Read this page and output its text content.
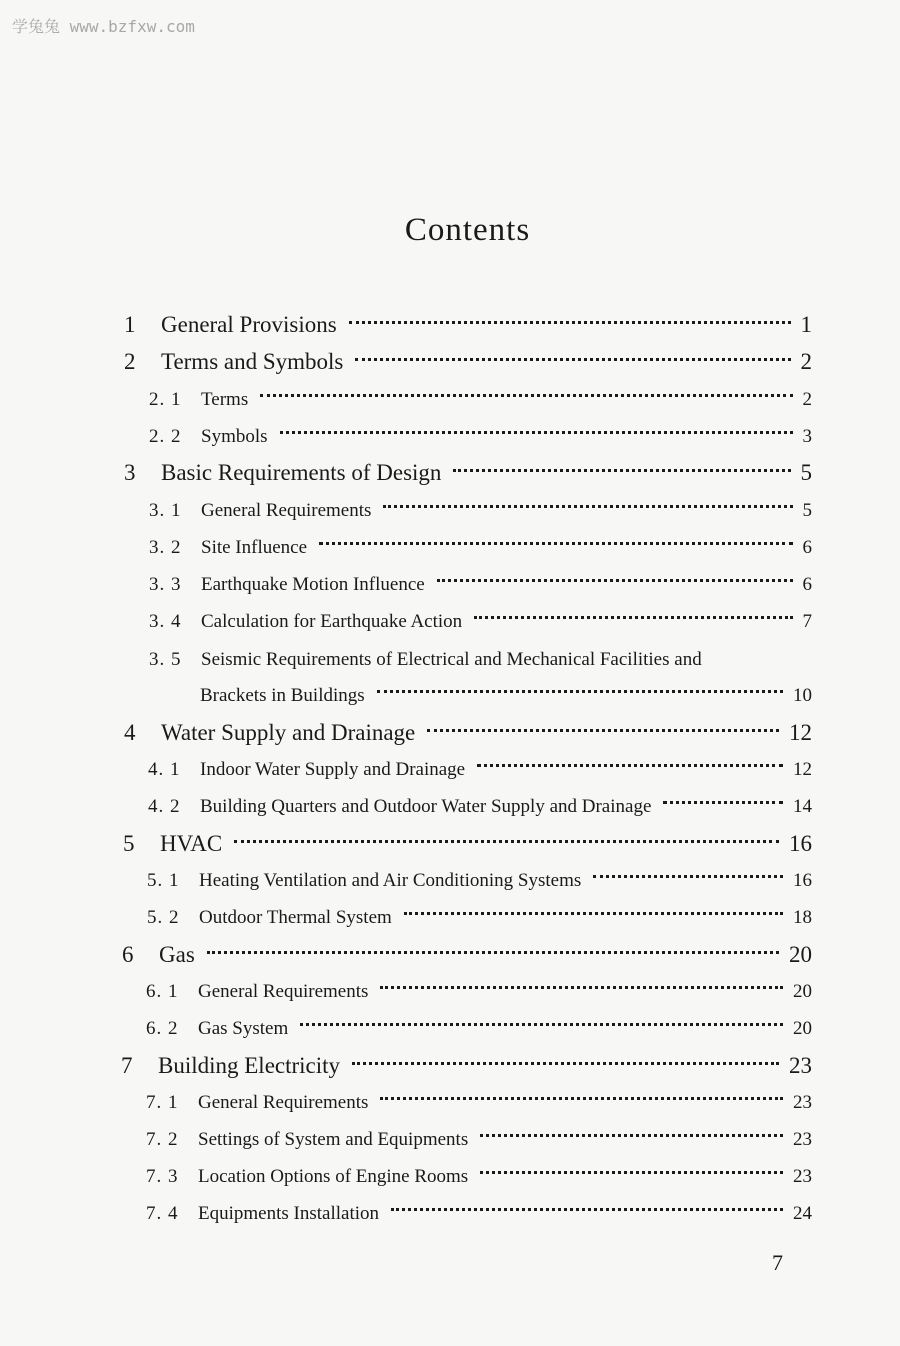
学兔兔 www.bzfxw.com
Contents
1	General Provisions	1
2	Terms and Symbols	2
2. 1	Terms	2
2. 2	Symbols	3
3	Basic Requirements of Design	5
3. 1	General Requirements	5
3. 2	Site Influence	6
3. 3	Earthquake Motion Influence	6
3. 4	Calculation for Earthquake Action	7
3. 5	Seismic Requirements of Electrical and Mechanical Facilities and
Brackets in Buildings	10
4	Water Supply and Drainage	12
4. 1	Indoor Water Supply and Drainage	12
4. 2	Building Quarters and Outdoor Water Supply and Drainage	14
5	HVAC	16
5. 1	Heating Ventilation and Air Conditioning Systems	16
5. 2	Outdoor Thermal System	18
6	Gas	20
6. 1	General Requirements	20
6. 2	Gas System	20
7	Building Electricity	23
7. 1	General Requirements	23
7. 2	Settings of System and Equipments	23
7. 3	Location Options of Engine Rooms	23
7. 4	Equipments Installation	24
7
